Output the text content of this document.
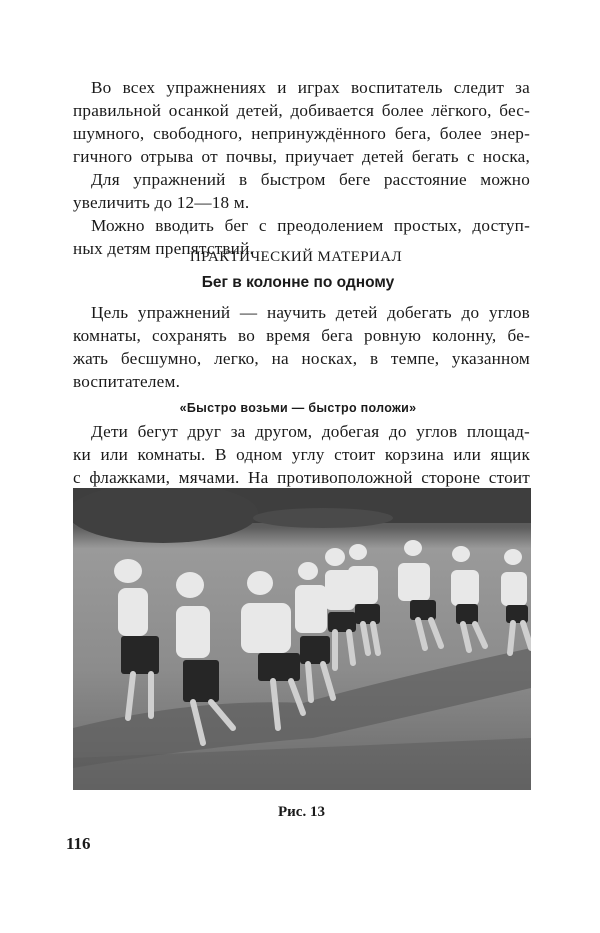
Во всех упражнениях и играх воспитатель следит за
правильной осанкой детей, добивается более лёгкого, бес-
шумного, свободного, непринуждённого бега, более энер-
гичного отрыва от почвы, приучает детей бегать с носка,
Для упражнений в быстром беге расстояние можно
увеличить до 12—18 м.
Можно вводить бег с преодолением простых, доступ-
ных детям препятствий.
ПРАКТИЧЕСКИЙ МАТЕРИАЛ
Бег в колонне по одному
Цель упражнений — научить детей добегать до углов
комнаты, сохранять во время бега ровную колонну, бе-
жать бесшумно, легко, на носках, в темпе, указанном
воспитателем.
«Быстро возьми — быстро положи»
Дети бегут друг за другом, добегая до углов площад-
ки или комнаты. В одном углу стоит корзина или ящик
с флажками, мячами. На противоположной стороне стоит
Рис. 13
116
